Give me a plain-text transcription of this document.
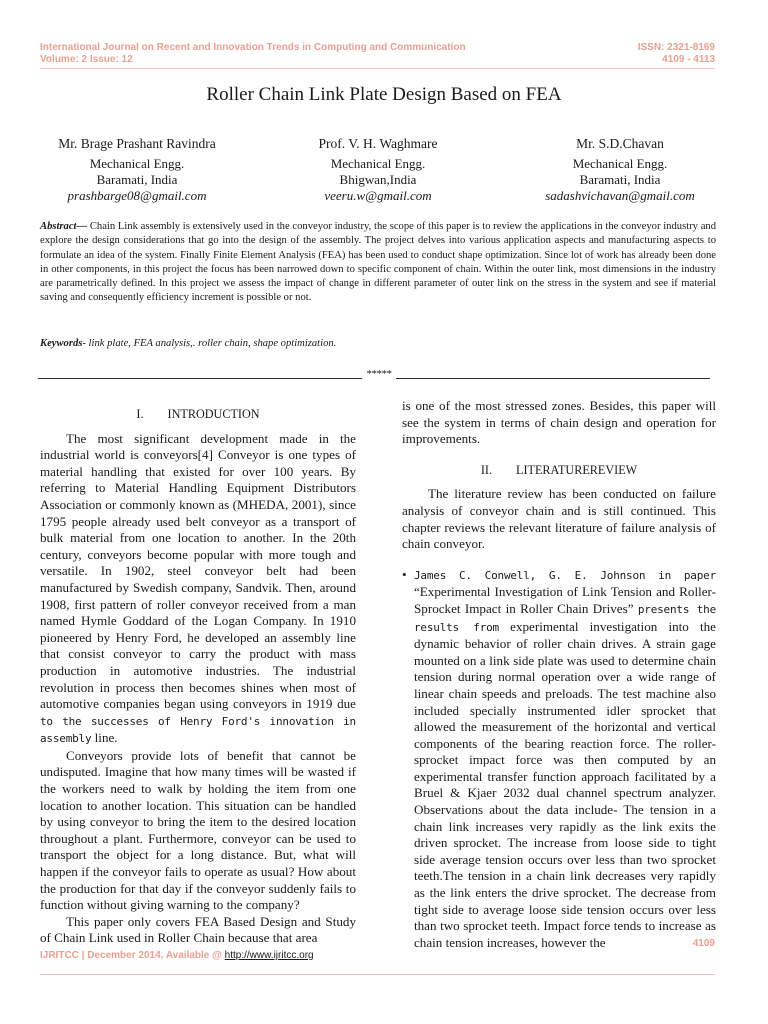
International Journal on Recent and Innovation Trends in Computing and Communication
Volume: 2 Issue: 12
ISSN: 2321-8169
4109 - 4113
Roller Chain Link Plate Design Based on FEA
Mr. Brage Prashant Ravindra
Mechanical Engg.
Baramati, India
prashbarge08@gmail.com
Prof. V. H. Waghmare
Mechanical Engg.
Bhigwan,India
veeru.w@gmail.com
Mr. S.D.Chavan
Mechanical Engg.
Baramati, India
sadashvichavan@gmail.com
Abstract— Chain Link assembly is extensively used in the conveyor industry, the scope of this paper is to review the applications in the conveyor industry and explore the design considerations that go into the design of the assembly. The project delves into various application aspects and manufacturing aspects to formulate an idea of the system. Finally Finite Element Analysis (FEA) has been used to conduct shape optimization. Since lot of work has already been done in other components, in this project the focus has been narrowed down to specific component of chain. Within the outer link, most dimensions in the industry are parametrically defined. In this project we assess the impact of change in different parameter of outer link on the stress in the system and see if material saving and consequently efficiency increment is possible or not.
Keywords- link plate, FEA analysis,. roller chain, shape optimization.
*****
I. INTRODUCTION

The most significant development made in the industrial world is conveyors[4] Conveyor is one types of material handling that existed for over 100 years. By referring to Material Handling Equipment Distributors Association or commonly known as (MHEDA, 2001), since 1795 people already used belt conveyor as a transport of bulk material from one location to another. In the 20th century, conveyors become popular with more tough and versatile. In 1902, steel conveyor belt had been manufactured by Swedish company, Sandvik. Then, around 1908, first pattern of roller conveyor received from a man named Hymle Goddard of the Logan Company. In 1910 pioneered by Henry Ford, he developed an assembly line that consist conveyor to carry the product with mass production in automotive industries. The industrial revolution in process then becomes shines when most of automotive companies began using conveyors in 1919 due to the successes of Henry Ford's innovation in assembly line.

Conveyors provide lots of benefit that cannot be undisputed. Imagine that how many times will be wasted if the workers need to walk by holding the item from one location to another location. This situation can be handled by using conveyor to bring the item to the desired location throughout a plant. Furthermore, conveyor can be used to transport the object for a long distance. But, what will happen if the conveyor fails to operate as usual? How about the production for that day if the conveyor suddenly fails to function without giving warning to the company?

This paper only covers FEA Based Design and Study of Chain Link used in Roller Chain because that area

is one of the most stressed zones. Besides, this paper will see the system in terms of chain design and operation for improvements.

II. LITERATUREREVIEW

The literature review has been conducted on failure analysis of conveyor chain and is still continued. This chapter reviews the relevant literature of failure analysis of chain conveyor.

• James C. Conwell, G. E. Johnson in paper “Experimental Investigation of Link Tension and Roller-Sprocket Impact in Roller Chain Drives” presents the results from experimental investigation into the dynamic behavior of roller chain drives. A strain gage mounted on a link side plate was used to determine chain tension during normal operation over a wide range of linear chain speeds and preloads. The test machine also included specially instrumented idler sprocket that allowed the measurement of the horizontal and vertical components of the bearing reaction force. The roller-sprocket impact force was then computed by an experimental transfer function approach facilitated by a Bruel & Kjaer 2032 dual channel spectrum analyzer. Observations about the data include- The tension in a chain link increases very rapidly as the link exits the driven sprocket. The increase from loose side to tight side average tension occurs over less than two sprocket teeth.The tension in a chain link decreases very rapidly as the link enters the drive sprocket. The decrease from tight side to average loose side tension occurs over less than two sprocket teeth. Impact force tends to increase as chain tension increases, however the	4109
IJRITCC | December 2014, Available @ http://www.ijritcc.org
